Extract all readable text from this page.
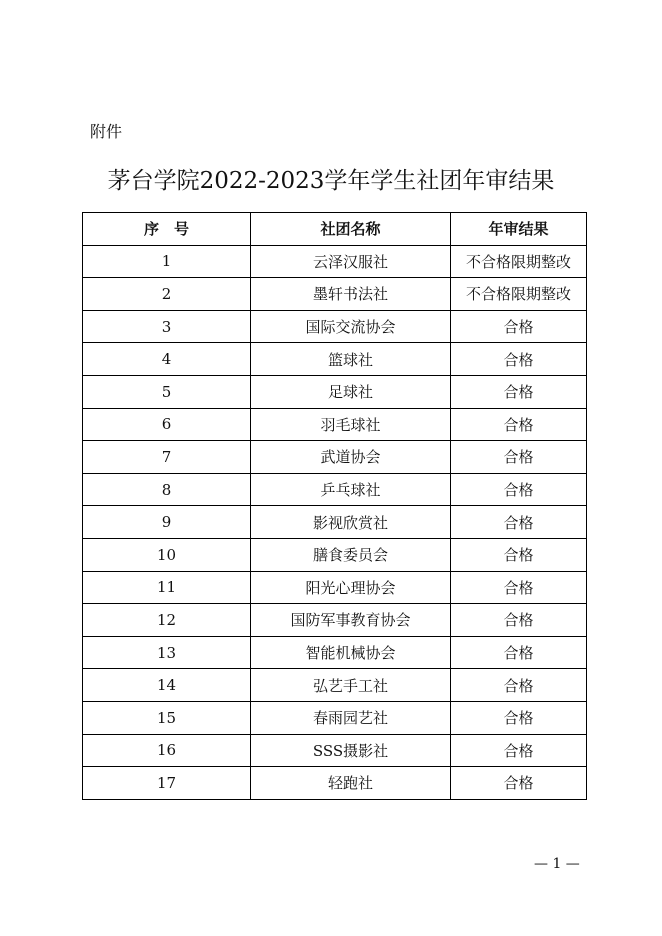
附件
茅台学院2022-2023学年学生社团年审结果
序　号	社团名称	年审结果
1	云泽汉服社	不合格限期整改
2	墨轩书法社	不合格限期整改
3	国际交流协会	合格
4	篮球社	合格
5	足球社	合格
6	羽毛球社	合格
7	武道协会	合格
8	乒乓球社	合格
9	影视欣赏社	合格
10	膳食委员会	合格
11	阳光心理协会	合格
12	国防军事教育协会	合格
13	智能机械协会	合格
14	弘艺手工社	合格
15	春雨园艺社	合格
16	SSS摄影社	合格
17	轻跑社	合格
— 1 —
